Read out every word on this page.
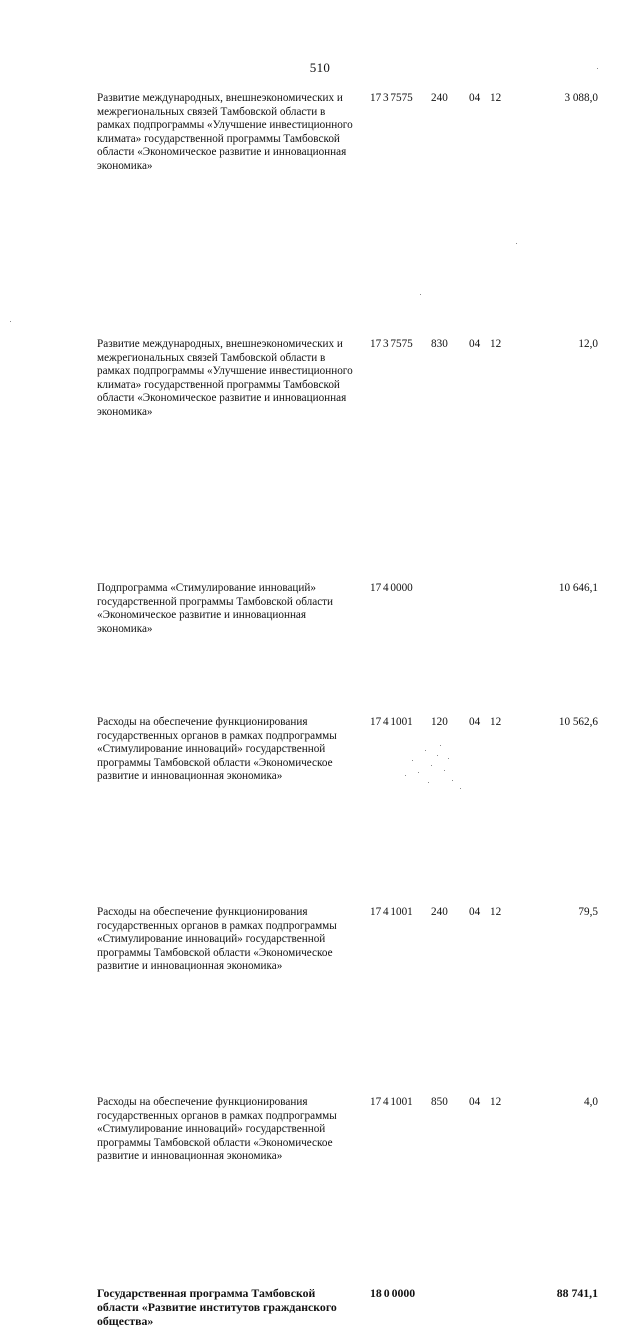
510
Развитие международных, внешнеэкономических и межрегиональных связей Тамбовской области в рамках подпрограммы «Улучшение инвестиционного климата» государственной программы Тамбовской области «Экономическое развитие и инновационная экономика»
17 3 7575 240 04 12	3 088,0
Развитие международных, внешнеэкономических и межрегиональных связей Тамбовской области в рамках подпрограммы «Улучшение инвестиционного климата» государственной программы Тамбовской области «Экономическое развитие и инновационная экономика»
17 3 7575 830 04 12	12,0
Подпрограмма «Стимулирование инноваций» государственной программы Тамбовской области «Экономическое развитие и инновационная экономика»
17 4 0000	10 646,1
Расходы на обеспечение функционирования государственных органов в рамках подпрограммы «Стимулирование инноваций» государственной программы Тамбовской области «Экономическое развитие и инновационная экономика»
17 4 1001 120 04 12	10 562,6
Расходы на обеспечение функционирования государственных органов в рамках подпрограммы «Стимулирование инноваций» государственной программы Тамбовской области «Экономическое развитие и инновационная экономика»
17 4 1001 240 04 12	79,5
Расходы на обеспечение функционирования государственных органов в рамках подпрограммы «Стимулирование инноваций» государственной программы Тамбовской области «Экономическое развитие и инновационная экономика»
17 4 1001 850 04 12	4,0
Государственная программа Тамбовской области «Развитие институтов гражданского общества»
18 0 0000	88 741,1
